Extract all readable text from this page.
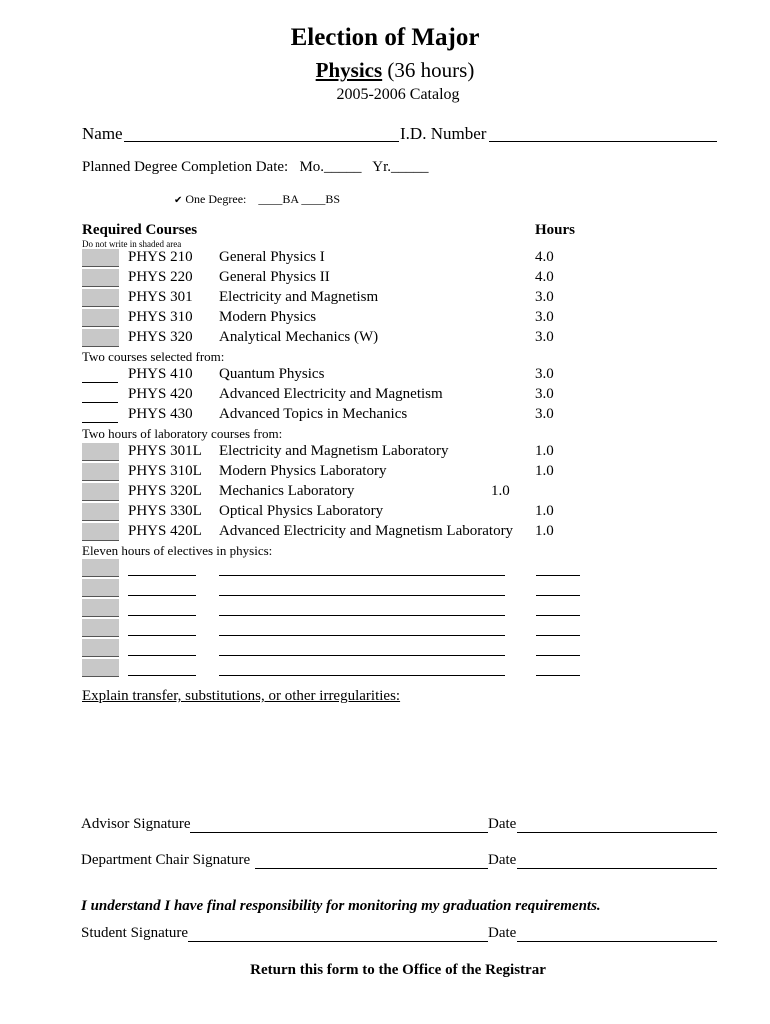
Election of Major
Physics (36 hours)
2005-2006 Catalog
Name	I.D. Number
Planned Degree Completion Date: Mo._____ Yr._____
✔ One Degree: ____BA ____BS
Required Courses
Do not write in shaded area
Hours
PHYS 210 General Physics I	4.0
PHYS 220 General Physics II	4.0
PHYS 301 Electricity and Magnetism	3.0
PHYS 310 Modern Physics	3.0
PHYS 320 Analytical Mechanics (W)	3.0
Two courses selected from:
PHYS 410 Quantum Physics	3.0
PHYS 420 Advanced Electricity and Magnetism	3.0
PHYS 430 Advanced Topics in Mechanics	3.0
Two hours of laboratory courses from:
PHYS 301L Electricity and Magnetism Laboratory	1.0
PHYS 310L Modern Physics Laboratory	1.0
PHYS 320L Mechanics Laboratory	1.0
PHYS 330L Optical Physics Laboratory	1.0
PHYS 420L Advanced Electricity and Magnetism Laboratory 1.0
Eleven hours of electives in physics:
Explain transfer, substitutions, or other irregularities:
Advisor Signature	Date
Department Chair Signature	Date
I understand I have final responsibility for monitoring my graduation requirements.
Student Signature	Date
Return this form to the Office of the Registrar
